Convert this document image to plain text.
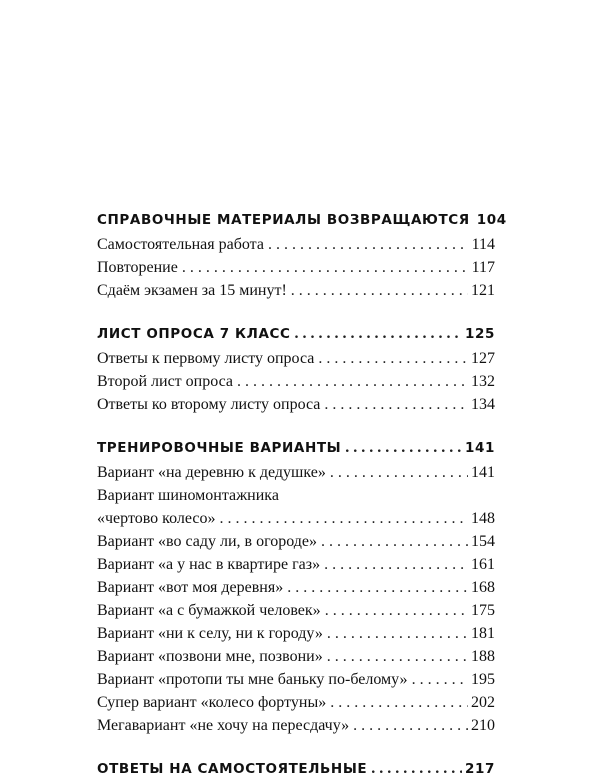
СПРАВОЧНЫЕ МАТЕРИАЛЫ ВОЗВРАЩАЮТСЯ 104
Самостоятельная работа . . .	114
Повторение . . .	117
Сдаём экзамен за 15 минут! . . .	121
ЛИСТ ОПРОСА 7 КЛАСС . . .	125
Ответы к первому листу опроса . . .	127
Второй лист опроса . . .	132
Ответы ко второму листу опроса . . .	134
ТРЕНИРОВОЧНЫЕ ВАРИАНТЫ . . .	141
Вариант «на деревню к дедушке» . . .	141
Вариант шиномонтажника
«чертово колесо» . . .	148
Вариант «во саду ли, в огороде» . . .	154
Вариант «а у нас в квартире газ» . . .	161
Вариант «вот моя деревня» . . .	168
Вариант «а с бумажкой человек» . . .	175
Вариант «ни к селу, ни к городу» . . .	181
Вариант «позвони мне, позвони» . . .	188
Вариант «протопи ты мне баньку по-белому» . . .	195
Супер вариант «колесо фортуны» . . .	202
Мегавариант «не хочу на пересдачу» . . .	210
ОТВЕТЫ НА САМОСТОЯТЕЛЬНЫЕ . . .	217
